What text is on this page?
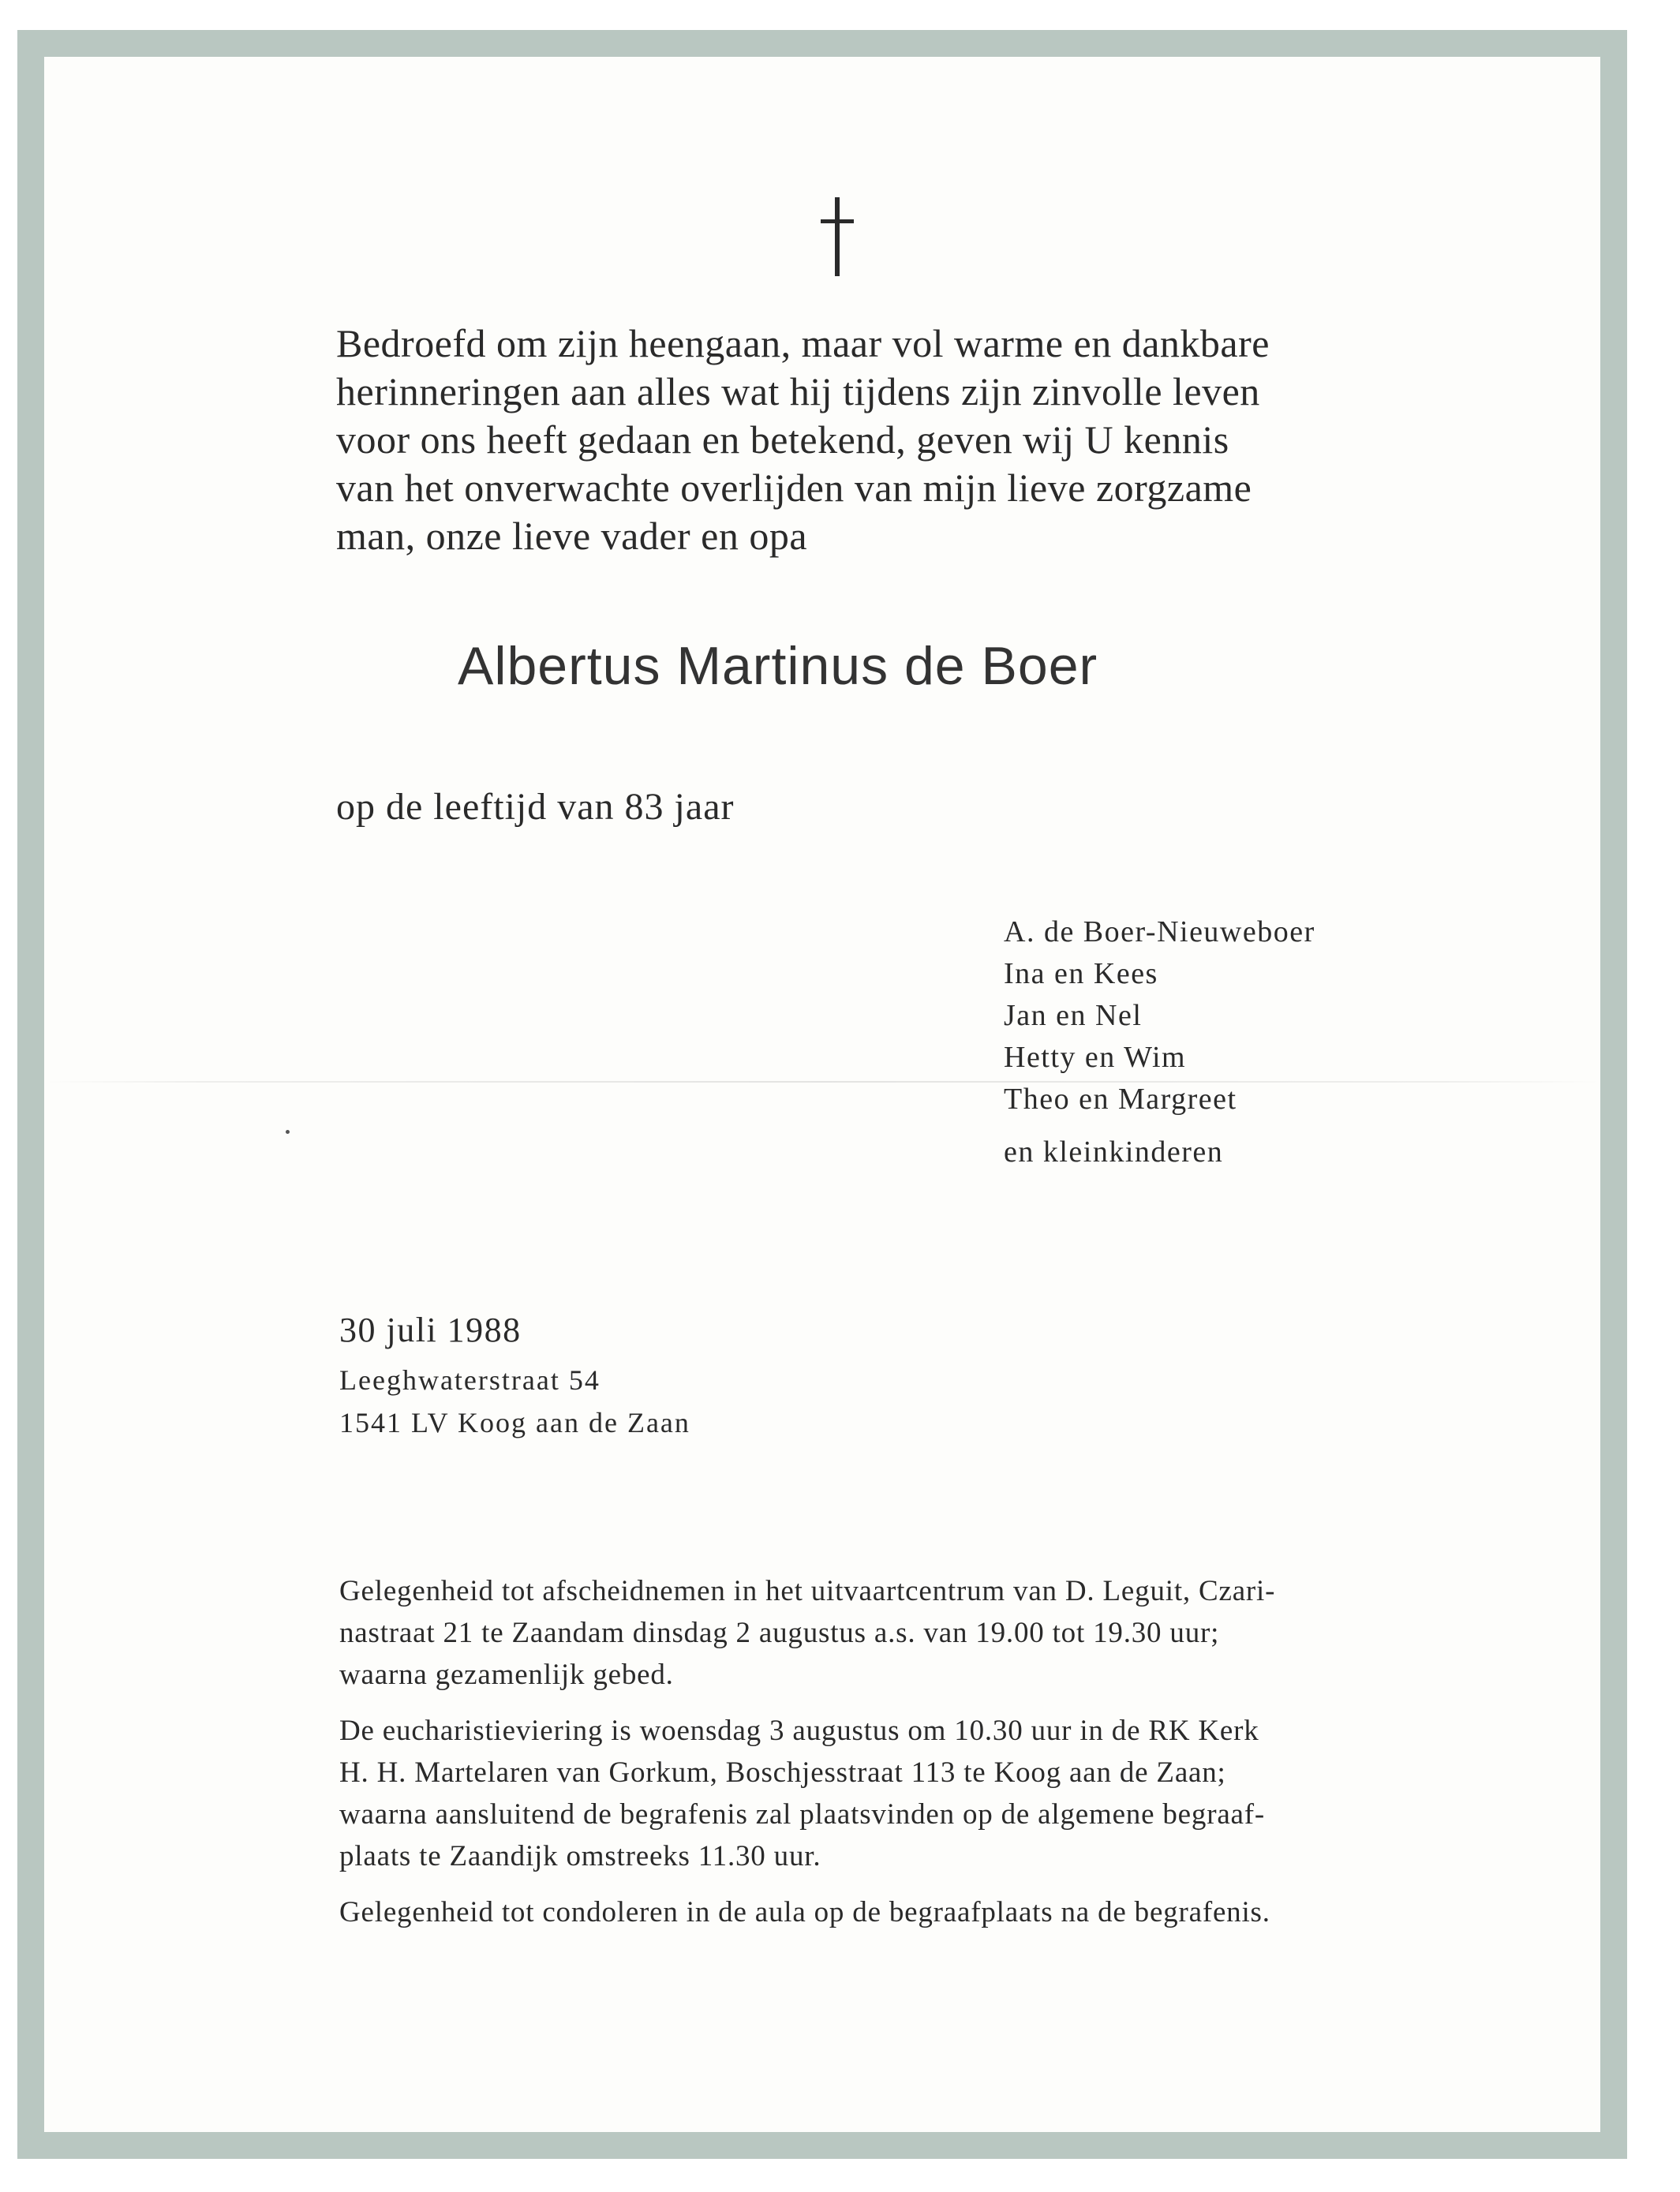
Bedroefd om zijn heengaan, maar vol warme en dankbare
herinneringen aan alles wat hij tijdens zijn zinvolle leven
voor ons heeft gedaan en betekend, geven wij U kennis
van het onverwachte overlijden van mijn lieve zorgzame
man, onze lieve vader en opa

Albertus Martinus de Boer
op de leeftijd van 83 jaar
A. de Boer-Nieuweboer
Ina en Kees
Jan en Nel
Hetty en Wim
Theo en Margreet
en kleinkinderen
30 juli 1988
Leeghwaterstraat 54
1541 LV Koog aan de Zaan
Gelegenheid tot afscheidnemen in het uitvaartcentrum van D. Leguit, Czari-
nastraat 21 te Zaandam dinsdag 2 augustus a.s. van 19.00 tot 19.30 uur;
waarna gezamenlijk gebed.
De eucharistieviering is woensdag 3 augustus om 10.30 uur in de RK Kerk
H. H. Martelaren van Gorkum, Boschjesstraat 113 te Koog aan de Zaan;
waarna aansluitend de begrafenis zal plaatsvinden op de algemene begraaf-
plaats te Zaandijk omstreeks 11.30 uur.
Gelegenheid tot condoleren in de aula op de begraafplaats na de begrafenis.
